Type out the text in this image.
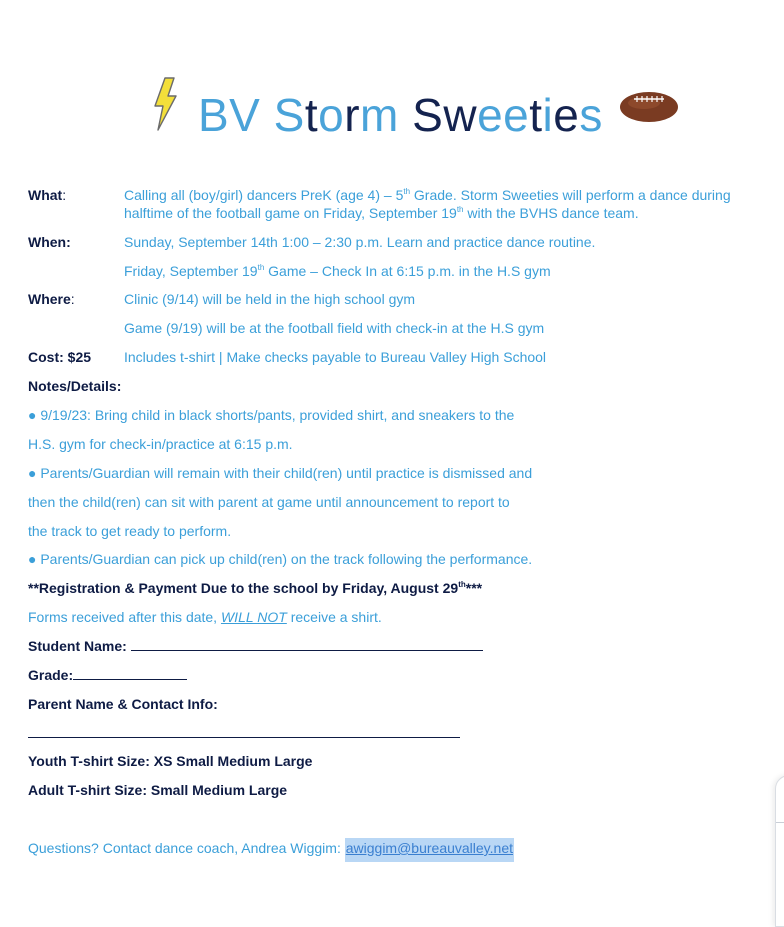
BV Storm Sweeties
What:	Calling all (boy/girl) dancers PreK (age 4) – 5th Grade. Storm Sweeties will perform a dance during
halftime of the football game on Friday, September 19th with the BVHS dance team.
When:	Sunday, September 14th 1:00 – 2:30 p.m. Learn and practice dance routine.
Friday, September 19th Game – Check In at 6:15 p.m. in the H.S gym
Where:	Clinic (9/14) will be held in the high school gym
Game (9/19) will be at the football field with check-in at the H.S gym
Cost: $25 Includes t-shirt | Make checks payable to Bureau Valley High School
Notes/Details:
● 9/19/23: Bring child in black shorts/pants, provided shirt, and sneakers to the
H.S. gym for check-in/practice at 6:15 p.m.
● Parents/Guardian will remain with their child(ren) until practice is dismissed and
then the child(ren) can sit with parent at game until announcement to report to
the track to get ready to perform.
● Parents/Guardian can pick up child(ren) on the track following the performance.
**Registration & Payment Due to the school by Friday, August 29th***
Forms received after this date, WILL NOT receive a shirt.
Student Name:
Grade:
Parent Name & Contact Info:
Youth T-shirt Size: XS Small Medium Large
Adult T-shirt Size: Small Medium Large
Questions? Contact dance coach, Andrea Wiggim: awiggim@bureauvalley.net
